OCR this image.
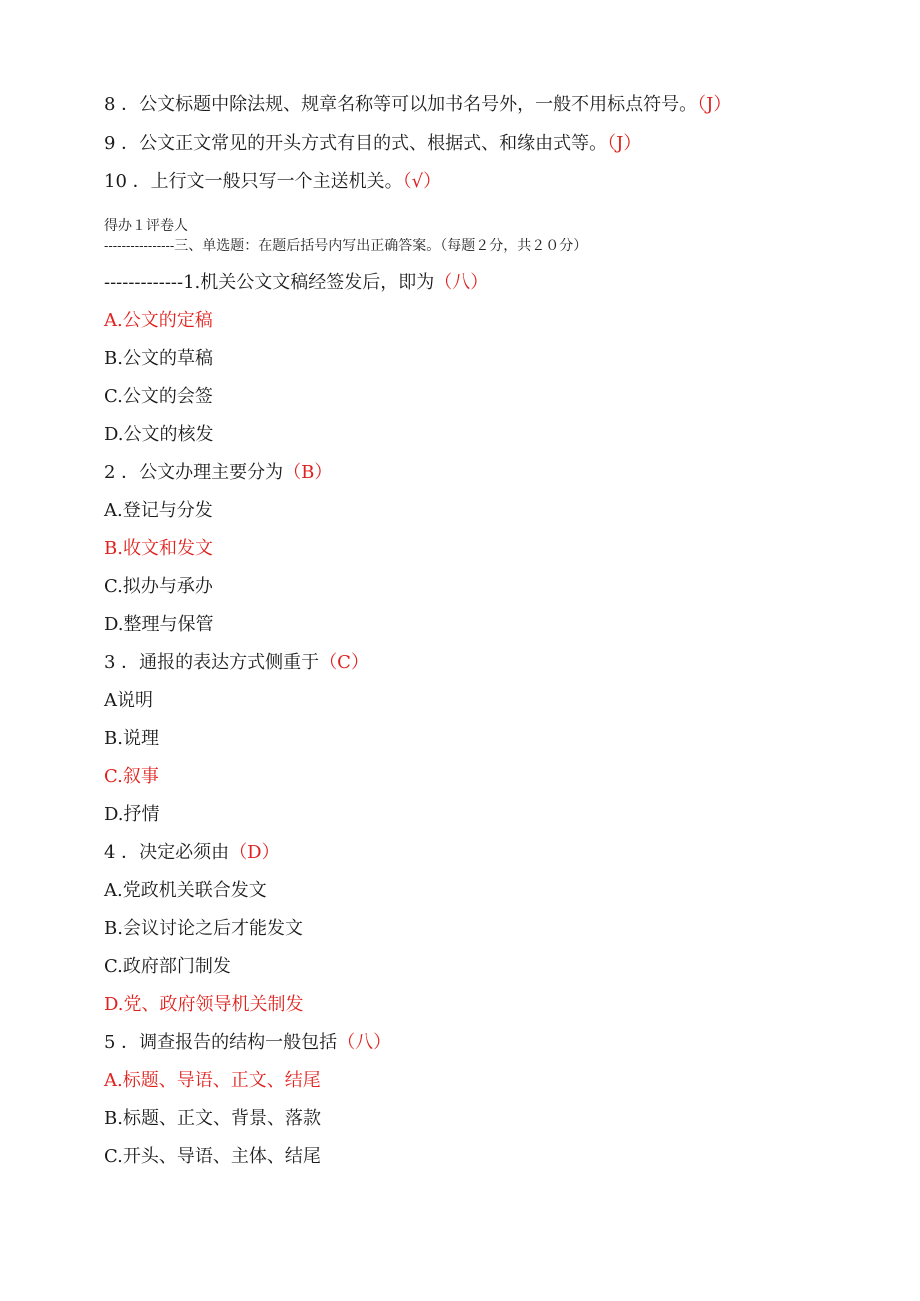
8 ．公文标题中除法规、规章名称等可以加书名号外，一般不用标点符号。（J）
9 ．公文正文常见的开头方式有目的式、根据式、和缘由式等。（J）
10 ．上行文一般只写一个主送机关。（√）
得办１评卷人
----------------三、单选题：在题后括号内写出正确答案。（每题２分，共２０分）
-------------1.机关公文文稿经签发后，即为（八）
A.公文的定稿
B.公文的草稿
C.公文的会签
D.公文的核发
2 ．公文办理主要分为（B）
A.登记与分发
B.收文和发文
C.拟办与承办
D.整理与保管
3 ．通报的表达方式侧重于（C）
A说明
B.说理
C.叙事
D.抒情
4 ．决定必须由（D）
A.党政机关联合发文
B.会议讨论之后才能发文
C.政府部门制发
D.党、政府领导机关制发
5 ．调查报告的结构一般包括（八）
A.标题、导语、正文、结尾
B.标题、正文、背景、落款
C.开头、导语、主体、结尾
